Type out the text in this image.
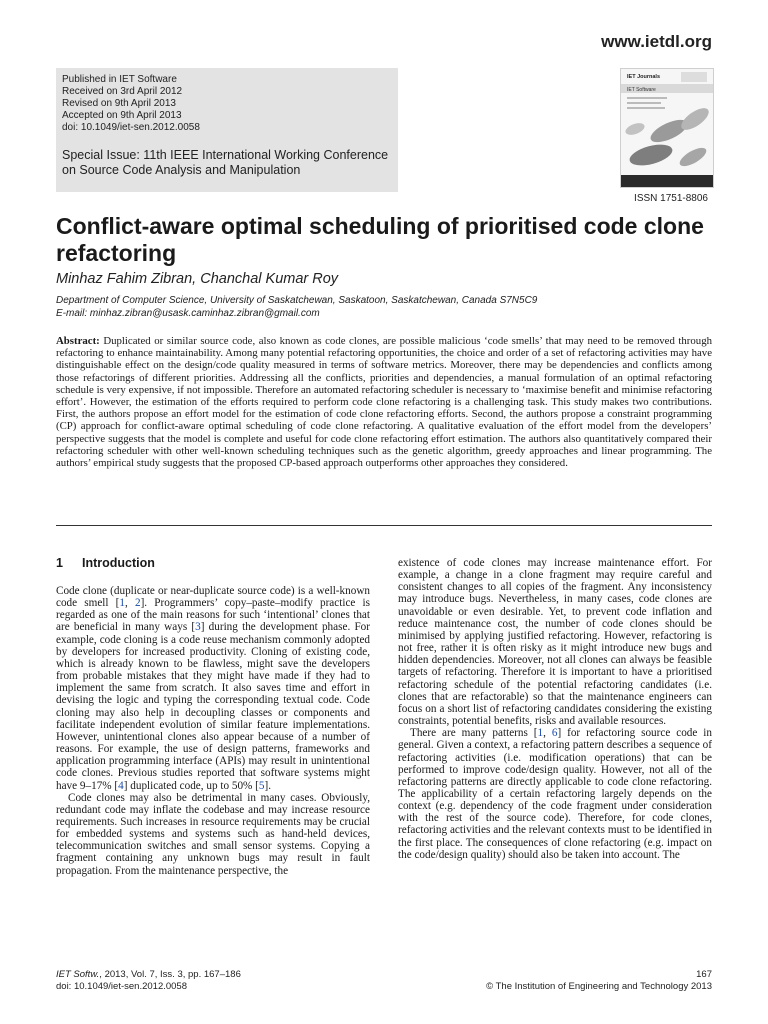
www.ietdl.org
Published in IET Software
Received on 3rd April 2012
Revised on 9th April 2013
Accepted on 9th April 2013
doi: 10.1049/iet-sen.2012.0058
Special Issue: 11th IEEE International Working Conference on Source Code Analysis and Manipulation
IET Journals
IET Software
ISSN 1751-8806
Conflict-aware optimal scheduling of prioritised code clone refactoring
Minhaz Fahim Zibran, Chanchal Kumar Roy
Department of Computer Science, University of Saskatchewan, Saskatoon, Saskatchewan, Canada S7N5C9
E-mail: minhaz.zibran@usask.caminhaz.zibran@gmail.com
Abstract: Duplicated or similar source code, also known as code clones, are possible malicious ‘code smells’ that may need to be removed through refactoring to enhance maintainability. Among many potential refactoring opportunities, the choice and order of a set of refactoring activities may have distinguishable effect on the design/code quality measured in terms of software metrics. Moreover, there may be dependencies and conflicts among those refactorings of different priorities. Addressing all the conflicts, priorities and dependencies, a manual formulation of an optimal refactoring schedule is very expensive, if not impossible. Therefore an automated refactoring scheduler is necessary to ‘maximise benefit and minimise refactoring effort’. However, the estimation of the efforts required to perform code clone refactoring is a challenging task. This study makes two contributions. First, the authors propose an effort model for the estimation of code clone refactoring efforts. Second, the authors propose a constraint programming (CP) approach for conflict-aware optimal scheduling of code clone refactoring. A qualitative evaluation of the effort model from the developers’ perspective suggests that the model is complete and useful for code clone refactoring effort estimation. The authors also quantitatively compared their refactoring scheduler with other well-known scheduling techniques such as the genetic algorithm, greedy approaches and linear programming. The authors’ empirical study suggests that the proposed CP-based approach outperforms other approaches they considered.
1 Introduction

Code clone (duplicate or near-duplicate source code) is a well-known code smell [1, 2]. Programmers’ copy–paste–modify practice is regarded as one of the main reasons for such ‘intentional’ clones that are beneficial in many ways [3] during the development phase. For example, code cloning is a code reuse mechanism commonly adopted by developers for increased productivity. Cloning of existing code, which is already known to be flawless, might save the developers from probable mistakes that they might have made if they had to implement the same from scratch. It also saves time and effort in devising the logic and typing the corresponding textual code. Code cloning may also help in decoupling classes or components and facilitate independent evolution of similar feature implementations. However, unintentional clones also appear because of a number of reasons. For example, the use of design patterns, frameworks and application programming interface (APIs) may result in unintentional code clones. Previous studies reported that software systems might have 9–17% [4] duplicated code, up to 50% [5].

Code clones may also be detrimental in many cases. Obviously, redundant code may inflate the codebase and may increase resource requirements. Such increases in resource requirements may be crucial for embedded systems and systems such as hand-held devices, telecommunication switches and small sensor systems. Copying a fragment containing any unknown bugs may result in fault propagation. From the maintenance perspective, the

existence of code clones may increase maintenance effort. For example, a change in a clone fragment may require careful and consistent changes to all copies of the fragment. Any inconsistency may introduce bugs. Nevertheless, in many cases, code clones are unavoidable or even desirable. Yet, to prevent code inflation and reduce maintenance cost, the number of code clones should be minimised by applying justified refactoring. However, refactoring is not free, rather it is often risky as it might introduce new bugs and hidden dependencies. Moreover, not all clones can always be feasible targets of refactoring. Therefore it is important to have a prioritised refactoring schedule of the potential refactoring candidates (i.e. clones that are refactorable) so that the maintenance engineers can focus on a short list of refactoring candidates considering the existing constraints, potential benefits, risks and available resources.

There are many patterns [1, 6] for refactoring source code in general. Given a context, a refactoring pattern describes a sequence of refactoring activities (i.e. modification operations) that can be performed to improve code/design quality. However, not all of the refactoring patterns are directly applicable to code clone refactoring. The applicability of a certain refactoring largely depends on the context (e.g. dependency of the code fragment under consideration with the rest of the source code). Therefore, for code clones, refactoring activities and the relevant contexts must to be identified in the first place. The consequences of clone refactoring (e.g. impact on the code/design quality) should also be taken into account. The

IET Softw., 2013, Vol. 7, Iss. 3, pp. 167–186
doi: 10.1049/iet-sen.2012.0058
167
© The Institution of Engineering and Technology 2013
